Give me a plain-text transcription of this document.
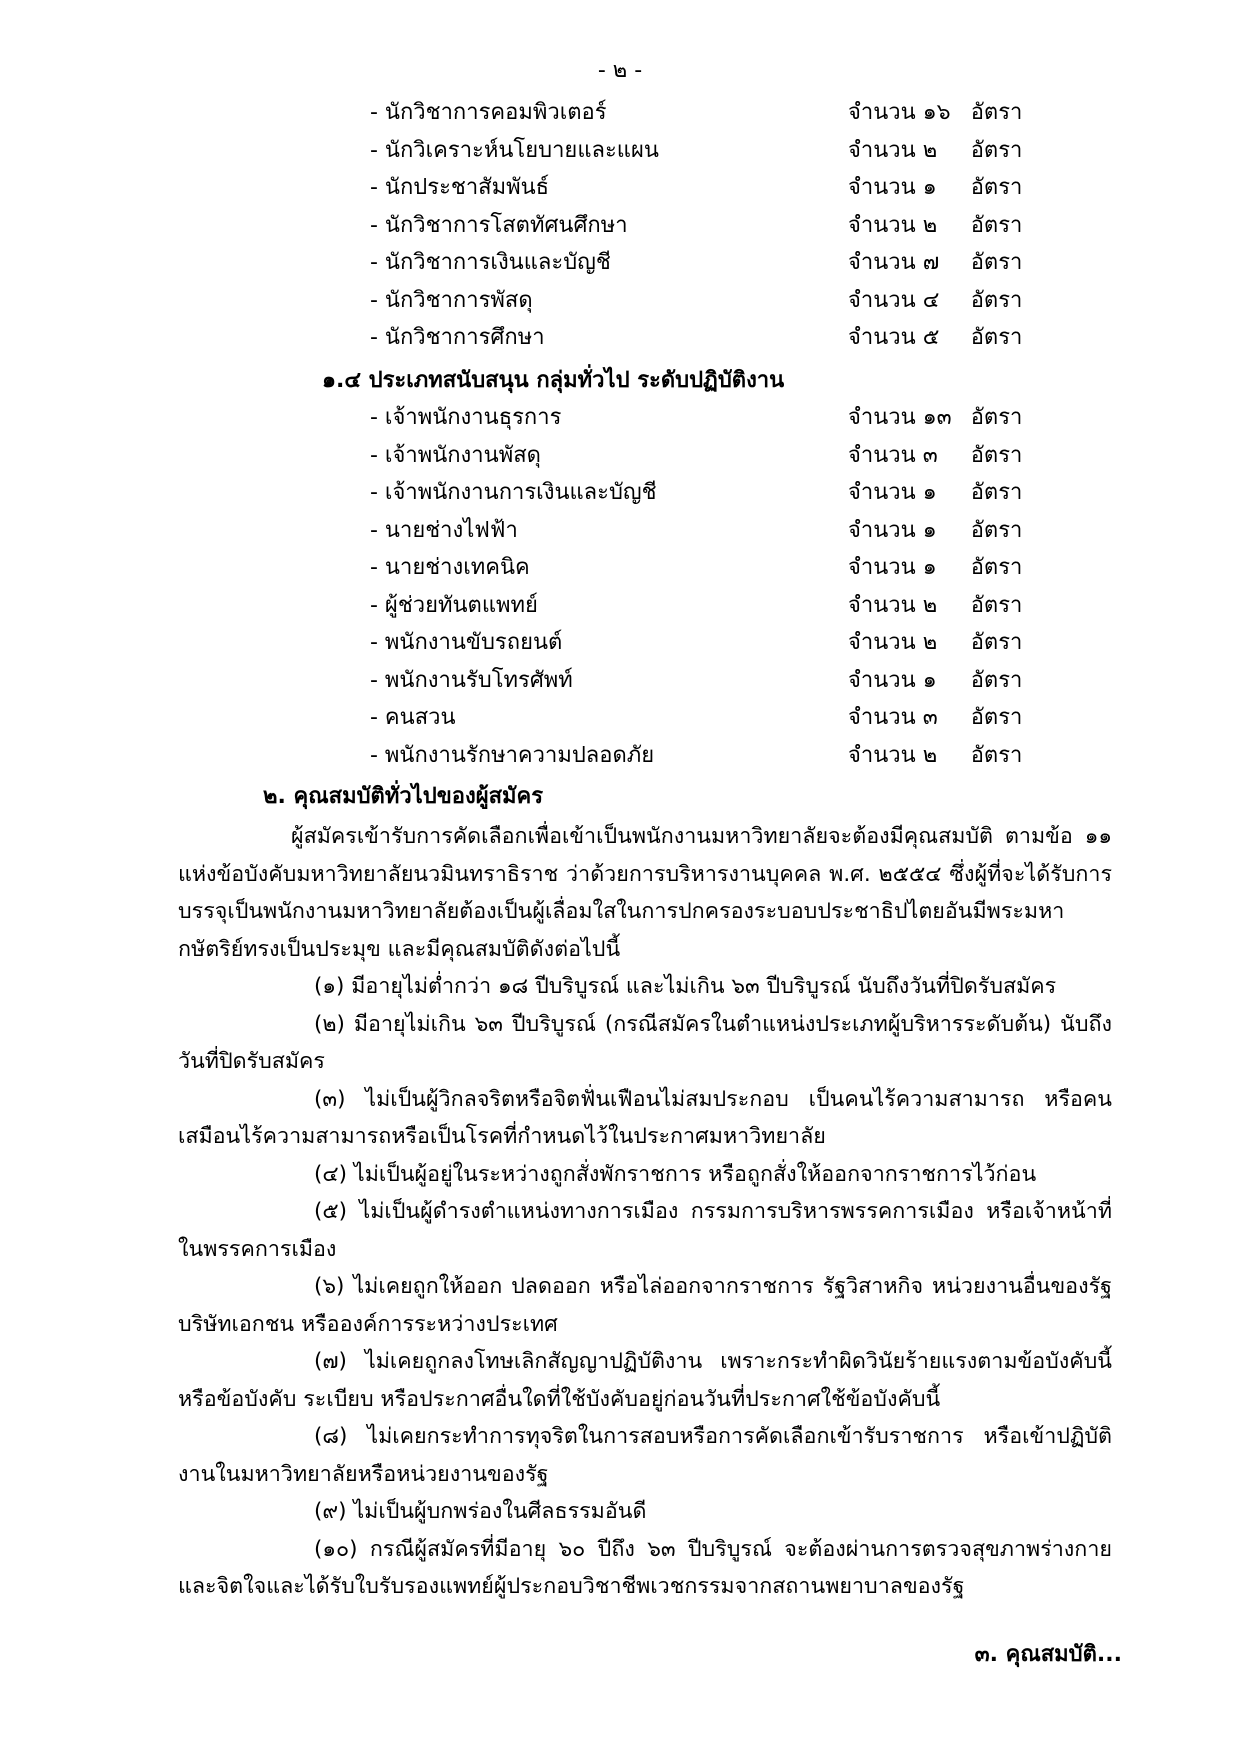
- ๒ -
- นักวิชาการคอมพิวเตอร์	จำนวน ๑๖ อัตรา
- นักวิเคราะห์นโยบายและแผน	จำนวน ๒ อัตรา
- นักประชาสัมพันธ์	จำนวน ๑ อัตรา
- นักวิชาการโสตทัศนศึกษา	จำนวน ๒ อัตรา
- นักวิชาการเงินและบัญชี	จำนวน ๗ อัตรา
- นักวิชาการพัสดุ	จำนวน ๔ อัตรา
- นักวิชาการศึกษา	จำนวน ๕ อัตรา
๑.๔ ประเภทสนับสนุน กลุ่มทั่วไป ระดับปฏิบัติงาน
- เจ้าพนักงานธุรการ	จำนวน ๑๓ อัตรา
- เจ้าพนักงานพัสดุ	จำนวน ๓ อัตรา
- เจ้าพนักงานการเงินและบัญชี	จำนวน ๑ อัตรา
- นายช่างไฟฟ้า	จำนวน ๑ อัตรา
- นายช่างเทคนิค	จำนวน ๑ อัตรา
- ผู้ช่วยทันตแพทย์	จำนวน ๒ อัตรา
- พนักงานขับรถยนต์	จำนวน ๒ อัตรา
- พนักงานรับโทรศัพท์	จำนวน ๑ อัตรา
- คนสวน	จำนวน ๓ อัตรา
- พนักงานรักษาความปลอดภัย	จำนวน ๒ อัตรา
๒. คุณสมบัติทั่วไปของผู้สมัคร

ผู้สมัครเข้ารับการคัดเลือกเพื่อเข้าเป็นพนักงานมหาวิทยาลัยจะต้องมีคุณสมบัติ ตามข้อ ๑๑ แห่งข้อบังคับมหาวิทยาลัยนวมินทราธิราช ว่าด้วยการบริหารงานบุคคล พ.ศ. ๒๕๕๔ ซึ่งผู้ที่จะได้รับการบรรจุเป็นพนักงานมหาวิทยาลัยต้องเป็นผู้เลื่อมใสในการปกครองระบอบประชาธิปไตยอันมีพระมหากษัตริย์ทรงเป็นประมุข และมีคุณสมบัติดังต่อไปนี้

(๑) มีอายุไม่ต่ำกว่า ๑๘ ปีบริบูรณ์ และไม่เกิน ๖๓ ปีบริบูรณ์ นับถึงวันที่ปิดรับสมัคร

(๒) มีอายุไม่เกิน ๖๓ ปีบริบูรณ์ (กรณีสมัครในตำแหน่งประเภทผู้บริหารระดับต้น) นับถึงวันที่ปิดรับสมัคร

(๓) ไม่เป็นผู้วิกลจริตหรือจิตฟั่นเฟือนไม่สมประกอบ เป็นคนไร้ความสามารถ หรือคนเสมือนไร้ความสามารถหรือเป็นโรคที่กำหนดไว้ในประกาศมหาวิทยาลัย

(๔) ไม่เป็นผู้อยู่ในระหว่างถูกสั่งพักราชการ หรือถูกสั่งให้ออกจากราชการไว้ก่อน

(๕) ไม่เป็นผู้ดำรงตำแหน่งทางการเมือง กรรมการบริหารพรรคการเมือง หรือเจ้าหน้าที่ในพรรคการเมือง

(๖) ไม่เคยถูกให้ออก ปลดออก หรือไล่ออกจากราชการ รัฐวิสาหกิจ หน่วยงานอื่นของรัฐ บริษัทเอกชน หรือองค์การระหว่างประเทศ

(๗) ไม่เคยถูกลงโทษเลิกสัญญาปฏิบัติงาน เพราะกระทำผิดวินัยร้ายแรงตามข้อบังคับนี้ หรือข้อบังคับ ระเบียบ หรือประกาศอื่นใดที่ใช้บังคับอยู่ก่อนวันที่ประกาศใช้ข้อบังคับนี้

(๘) ไม่เคยกระทำการทุจริตในการสอบหรือการคัดเลือกเข้ารับราชการ หรือเข้าปฏิบัติงานในมหาวิทยาลัยหรือหน่วยงานของรัฐ

(๙) ไม่เป็นผู้บกพร่องในศีลธรรมอันดี

(๑๐) กรณีผู้สมัครที่มีอายุ ๖๐ ปีถึง ๖๓ ปีบริบูรณ์ จะต้องผ่านการตรวจสุขภาพร่างกายและจิตใจและได้รับใบรับรองแพทย์ผู้ประกอบวิชาชีพเวชกรรมจากสถานพยาบาลของรัฐ

๓. คุณสมบัติ...
